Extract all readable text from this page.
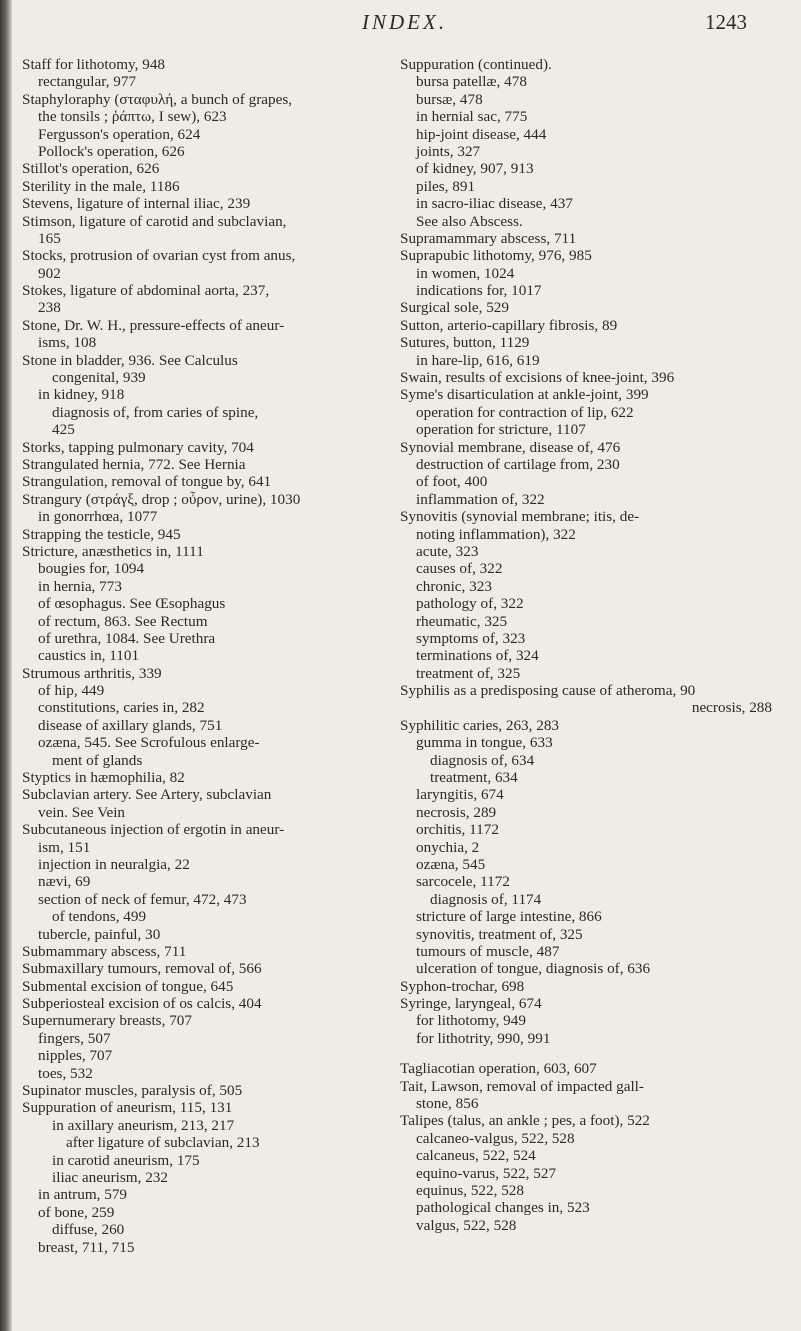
INDEX.	1243
Staff for lithotomy, 948
rectangular, 977
Staphyloraphy (σταφυλή, a bunch of grapes,
the tonsils ; ῥάπτω, I sew), 623
Fergusson's operation, 624
Pollock's operation, 626
Stillot's operation, 626
Sterility in the male, 1186
Stevens, ligature of internal iliac, 239
Stimson, ligature of carotid and subclavian,
165
Stocks, protrusion of ovarian cyst from anus,
902
Stokes, ligature of abdominal aorta, 237,
238
Stone, Dr. W. H., pressure-effects of aneur-
isms, 108
Stone in bladder, 936. See Calculus
congenital, 939
in kidney, 918
diagnosis of, from caries of spine,
425
Storks, tapping pulmonary cavity, 704
Strangulated hernia, 772. See Hernia
Strangulation, removal of tongue by, 641
Strangury (στράγξ, drop ; οὖρον, urine), 1030
in gonorrhœa, 1077
Strapping the testicle, 945
Stricture, anæsthetics in, 1111
bougies for, 1094
in hernia, 773
of œsophagus. See Œsophagus
of rectum, 863. See Rectum
of urethra, 1084. See Urethra
caustics in, 1101
Strumous arthritis, 339
of hip, 449
constitutions, caries in, 282
disease of axillary glands, 751
ozæna, 545. See Scrofulous enlarge-
ment of glands
Styptics in hæmophilia, 82
Subclavian artery. See Artery, subclavian
vein. See Vein
Subcutaneous injection of ergotin in aneur-
ism, 151
injection in neuralgia, 22
nævi, 69
section of neck of femur, 472, 473
of tendons, 499
tubercle, painful, 30
Submammary abscess, 711
Submaxillary tumours, removal of, 566
Submental excision of tongue, 645
Subperiosteal excision of os calcis, 404
Supernumerary breasts, 707
fingers, 507
nipples, 707
toes, 532
Supinator muscles, paralysis of, 505
Suppuration of aneurism, 115, 131
in axillary aneurism, 213, 217
after ligature of subclavian, 213
in carotid aneurism, 175
iliac aneurism, 232
in antrum, 579
of bone, 259
diffuse, 260
breast, 711, 715
Suppuration (continued).
bursa patellæ, 478
bursæ, 478
in hernial sac, 775
hip-joint disease, 444
joints, 327
of kidney, 907, 913
piles, 891
in sacro-iliac disease, 437
See also Abscess.
Supramammary abscess, 711
Suprapubic lithotomy, 976, 985
in women, 1024
indications for, 1017
Surgical sole, 529
Sutton, arterio-capillary fibrosis, 89
Sutures, button, 1129
in hare-lip, 616, 619
Swain, results of excisions of knee-joint, 396
Syme's disarticulation at ankle-joint, 399
operation for contraction of lip, 622
operation for stricture, 1107
Synovial membrane, disease of, 476
destruction of cartilage from, 230
of foot, 400
inflammation of, 322
Synovitis (synovial membrane; itis, de-
noting inflammation), 322
acute, 323
causes of, 322
chronic, 323
pathology of, 322
rheumatic, 325
symptoms of, 323
terminations of, 324
treatment of, 325
Syphilis as a predisposing cause of atheroma, 90
necrosis, 288
Syphilitic caries, 263, 283
gumma in tongue, 633
diagnosis of, 634
treatment, 634
laryngitis, 674
necrosis, 289
orchitis, 1172
onychia, 2
ozæna, 545
sarcocele, 1172
diagnosis of, 1174
stricture of large intestine, 866
synovitis, treatment of, 325
tumours of muscle, 487
ulceration of tongue, diagnosis of, 636
Syphon-trochar, 698
Syringe, laryngeal, 674
for lithotomy, 949
for lithotrity, 990, 991
Tagliacotian operation, 603, 607
Tait, Lawson, removal of impacted gall-
stone, 856
Talipes (talus, an ankle ; pes, a foot), 522
calcaneo-valgus, 522, 528
calcaneus, 522, 524
equino-varus, 522, 527
equinus, 522, 528
pathological changes in, 523
valgus, 522, 528
